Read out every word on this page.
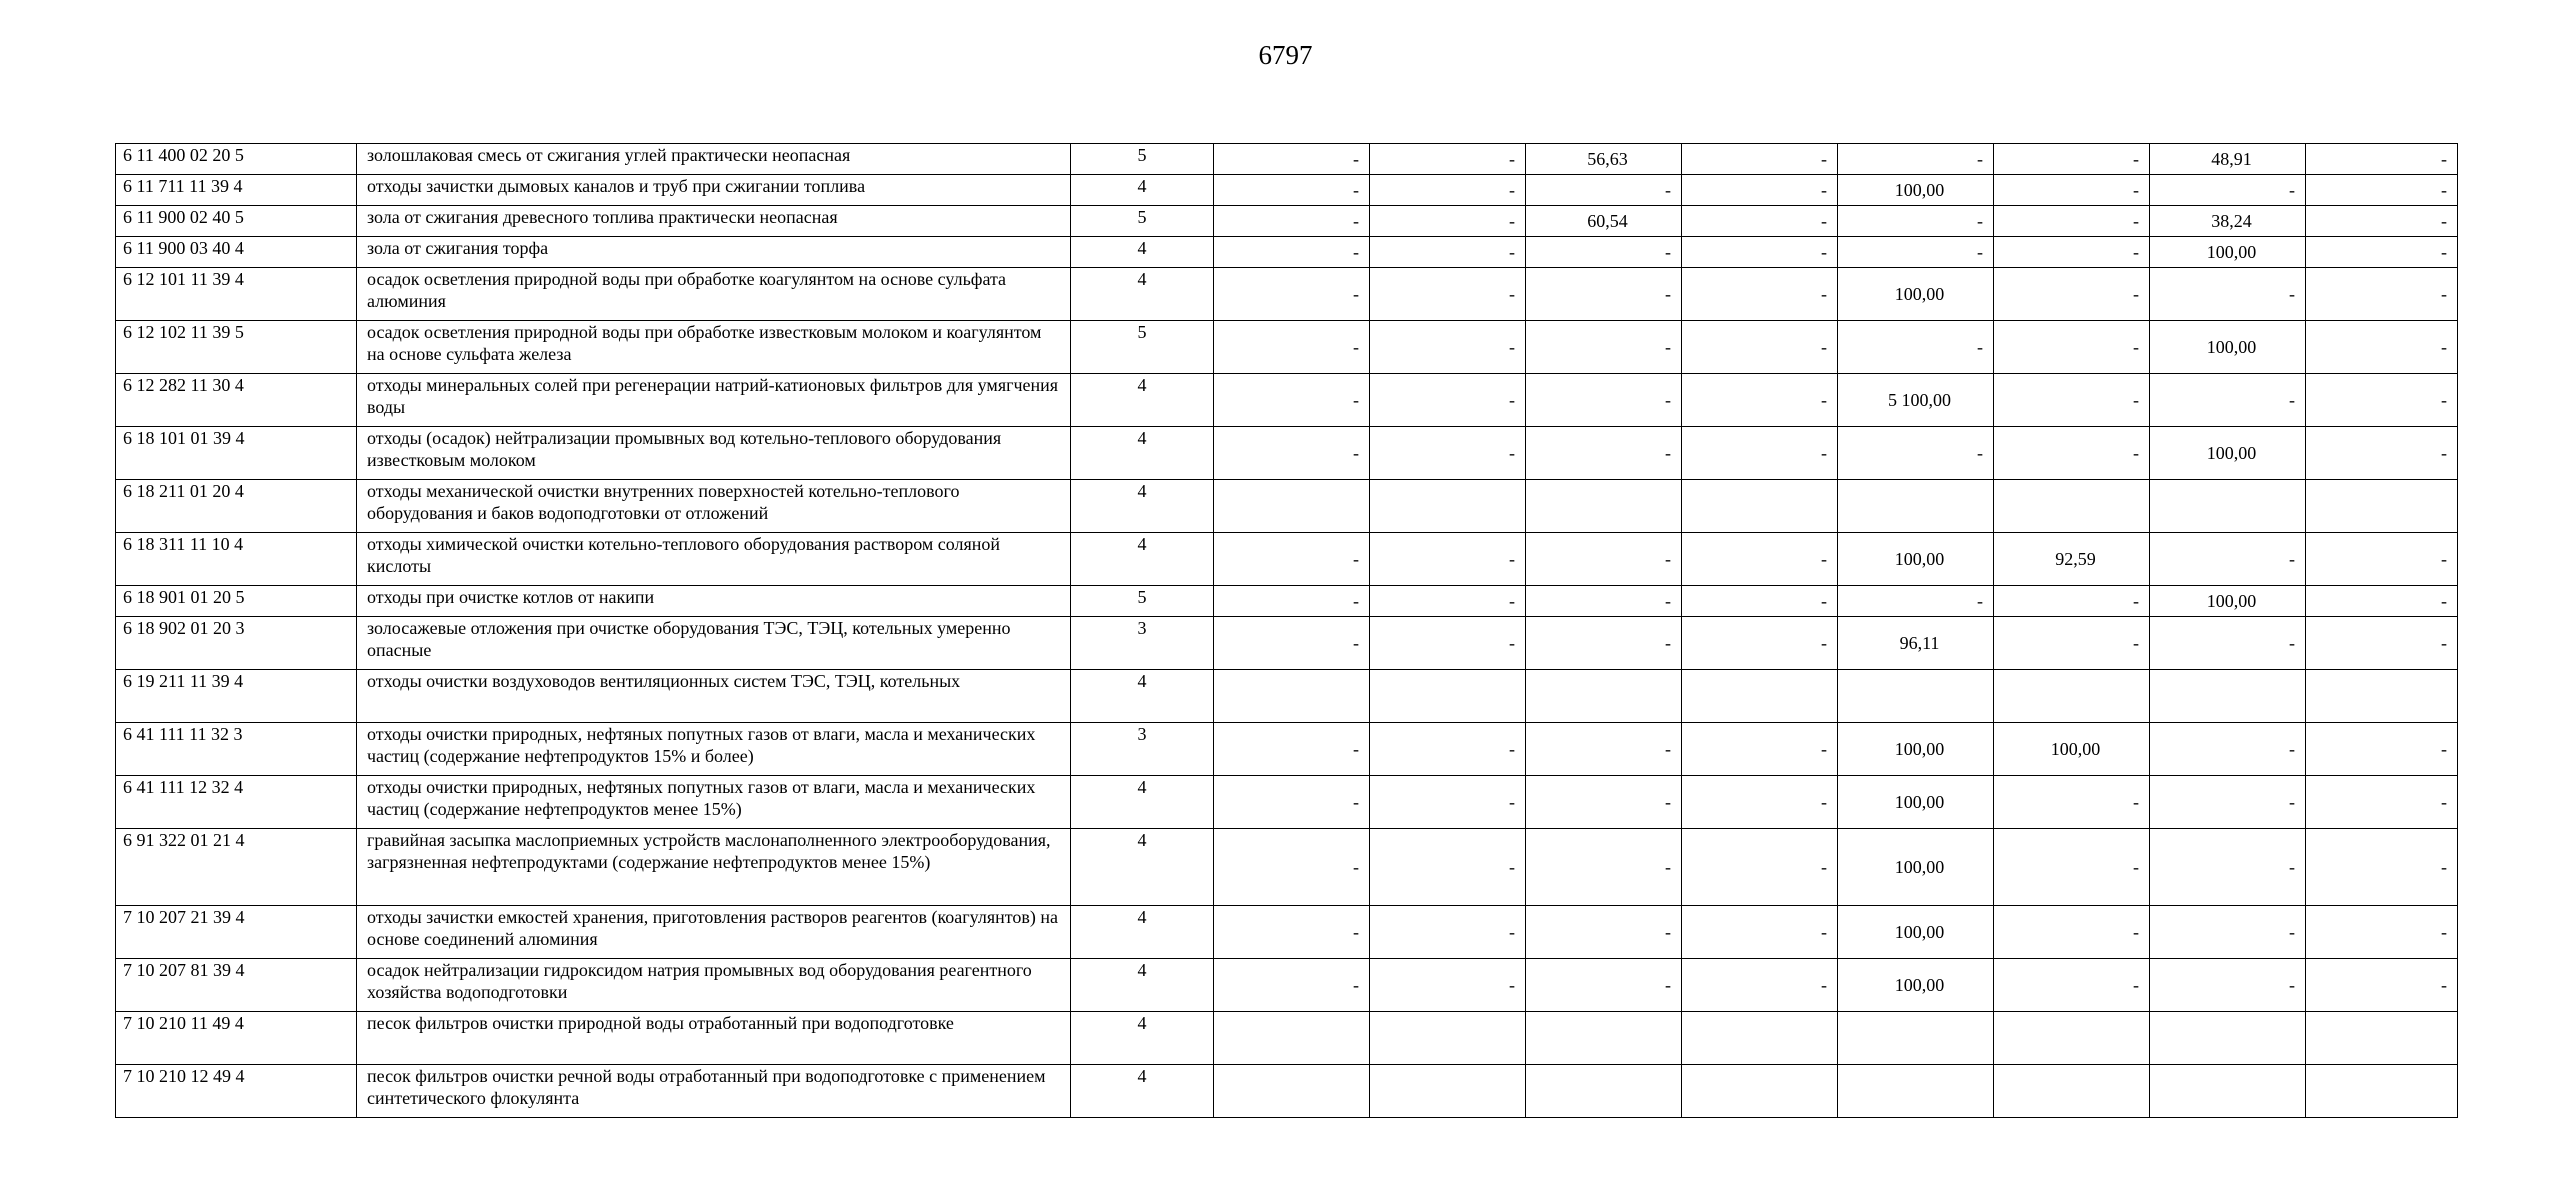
6797
6 11 400 02 20 5	золошлаковая смесь от сжигания углей практически неопасная	5	-	-	56,63	-	-	-	48,91	-
6 11 711 11 39 4	отходы зачистки дымовых каналов и труб при сжигании топлива	4	-	-	-	-	100,00	-	-	-
6 11 900 02 40 5	зола от сжигания древесного топлива практически неопасная	5	-	-	60,54	-	-	-	38,24	-
6 11 900 03 40 4	зола от сжигания торфа	4	-	-	-	-	-	-	100,00	-
6 12 101 11 39 4	осадок осветления природной воды при обработке коагулянтом на основе сульфата алюминия	4	-	-	-	-	100,00	-	-	-
6 12 102 11 39 5	осадок осветления природной воды при обработке известковым молоком и коагулянтом на основе сульфата железа	5	-	-	-	-	-	-	100,00	-
6 12 282 11 30 4	отходы минеральных солей при регенерации натрий-катионовых фильтров для умягчения воды	4	-	-	-	-	5 100,00	-	-	-
6 18 101 01 39 4	отходы (осадок) нейтрализации промывных вод котельно-теплового оборудования известковым молоком	4	-	-	-	-	-	-	100,00	-
6 18 211 01 20 4	отходы механической очистки внутренних поверхностей котельно-теплового оборудования и баков водоподготовки от отложений	4								
6 18 311 11 10 4	отходы химической очистки котельно-теплового оборудования раствором соляной кислоты	4	-	-	-	-	100,00	92,59	-	-
6 18 901 01 20 5	отходы при очистке котлов от накипи	5	-	-	-	-	-	-	100,00	-
6 18 902 01 20 3	золосажевые отложения при очистке оборудования ТЭС, ТЭЦ, котельных умеренно опасные	3	-	-	-	-	96,11	-	-	-
6 19 211 11 39 4	отходы очистки воздуховодов вентиляционных систем ТЭС, ТЭЦ, котельных	4								
6 41 111 11 32 3	отходы очистки природных, нефтяных попутных газов от влаги, масла и механических частиц (содержание нефтепродуктов 15% и более)	3	-	-	-	-	100,00	100,00	-	-
6 41 111 12 32 4	отходы очистки природных, нефтяных попутных газов от влаги, масла и механических частиц (содержание нефтепродуктов менее 15%)	4	-	-	-	-	100,00	-	-	-
6 91 322 01 21 4	гравийная засыпка маслоприемных устройств маслонаполненного электрооборудования, загрязненная нефтепродуктами (содержание нефтепродуктов менее 15%)	4	-	-	-	-	100,00	-	-	-
7 10 207 21 39 4	отходы зачистки емкостей хранения, приготовления растворов реагентов (коагулянтов) на основе соединений алюминия	4	-	-	-	-	100,00	-	-	-
7 10 207 81 39 4	осадок нейтрализации гидроксидом натрия промывных вод оборудования реагентного хозяйства водоподготовки	4	-	-	-	-	100,00	-	-	-
7 10 210 11 49 4	песок фильтров очистки природной воды отработанный при водоподготовке	4								
7 10 210 12 49 4	песок фильтров очистки речной воды отработанный при водоподготовке с применением синтетического флокулянта	4								
